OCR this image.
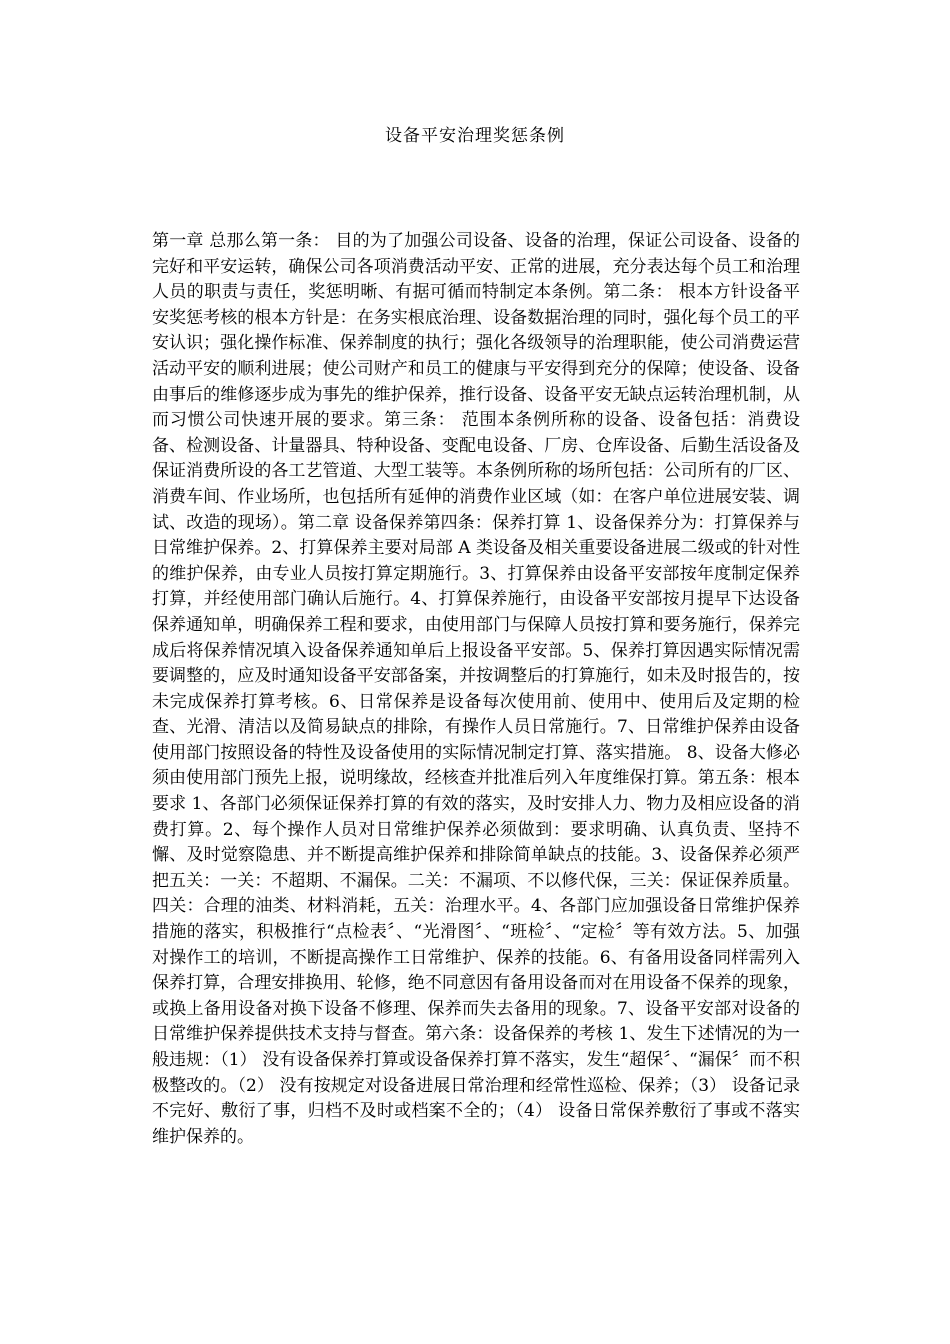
设备平安治理奖惩条例

第一章 总那么第一条： 目的为了加强公司设备、设备的治理，保证公司设备、设备的完好和平安运转，确保公司各项消费活动平安、正常的进展，充分表达每个员工和治理人员的职责与责任，奖惩明晰、有据可循而特制定本条例。第二条： 根本方针设备平安奖惩考核的根本方针是：在务实根底治理、设备数据治理的同时，强化每个员工的平安认识；强化操作标准、保养制度的执行；强化各级领导的治理职能，使公司消费运营活动平安的顺利进展；使公司财产和员工的健康与平安得到充分的保障；使设备、设备由事后的维修逐步成为事先的维护保养，推行设备、设备平安无缺点运转治理机制，从而习惯公司快速开展的要求。第三条： 范围本条例所称的设备、设备包括：消费设备、检测设备、计量器具、特种设备、变配电设备、厂房、仓库设备、后勤生活设备及保证消费所设的各工艺管道、大型工装等。本条例所称的场所包括：公司所有的厂区、消费车间、作业场所，也包括所有延伸的消费作业区域（如：在客户单位进展安装、调试、改造的现场）。第二章 设备保养第四条：保养打算 1、设备保养分为：打算保养与日常维护保养。2、打算保养主要对局部 A 类设备及相关重要设备进展二级或的针对性的维护保养，由专业人员按打算定期施行。3、打算保养由设备平安部按年度制定保养打算，并经使用部门确认后施行。4、打算保养施行，由设备平安部按月提早下达设备保养通知单，明确保养工程和要求，由使用部门与保障人员按打算和要务施行，保养完成后将保养情况填入设备保养通知单后上报设备平安部。5、保养打算因遇实际情况需要调整的，应及时通知设备平安部备案，并按调整后的打算施行，如未及时报告的，按未完成保养打算考核。6、日常保养是设备每次使用前、使用中、使用后及定期的检查、光滑、清洁以及简易缺点的排除，有操作人员日常施行。7、日常维护保养由设备使用部门按照设备的特性及设备使用的实际情况制定打算、落实措施。 8、设备大修必须由使用部门预先上报，说明缘故，经核查并批准后列入年度维保打算。第五条：根本要求 1、各部门必须保证保养打算的有效的落实，及时安排人力、物力及相应设备的消费打算。2、每个操作人员对日常维护保养必须做到：要求明确、认真负责、坚持不懈、及时觉察隐患、并不断提高维护保养和排除简单缺点的技能。3、设备保养必须严把五关：一关：不超期、不漏保。二关：不漏项、不以修代保，三关：保证保养质量。四关：合理的油类、材料消耗，五关：治理水平。4、各部门应加强设备日常维护保养措施的落实，积极推行“点检表〞、“光滑图〞、“班检〞、“定检〞等有效方法。5、加强对操作工的培训，不断提高操作工日常维护、保养的技能。6、有备用设备同样需列入保养打算，合理安排换用、轮修，绝不同意因有备用设备而对在用设备不保养的现象，或换上备用设备对换下设备不修理、保养而失去备用的现象。7、设备平安部对设备的日常维护保养提供技术支持与督查。第六条：设备保养的考核 1、发生下述情况的为一般违规：（1） 没有设备保养打算或设备保养打算不落实，发生“超保〞、“漏保〞而不积极整改的。（2） 没有按规定对设备进展日常治理和经常性巡检、保养；（3） 设备记录不完好、敷衍了事，归档不及时或档案不全的；（4） 设备日常保养敷衍了事或不落实维护保养的。
